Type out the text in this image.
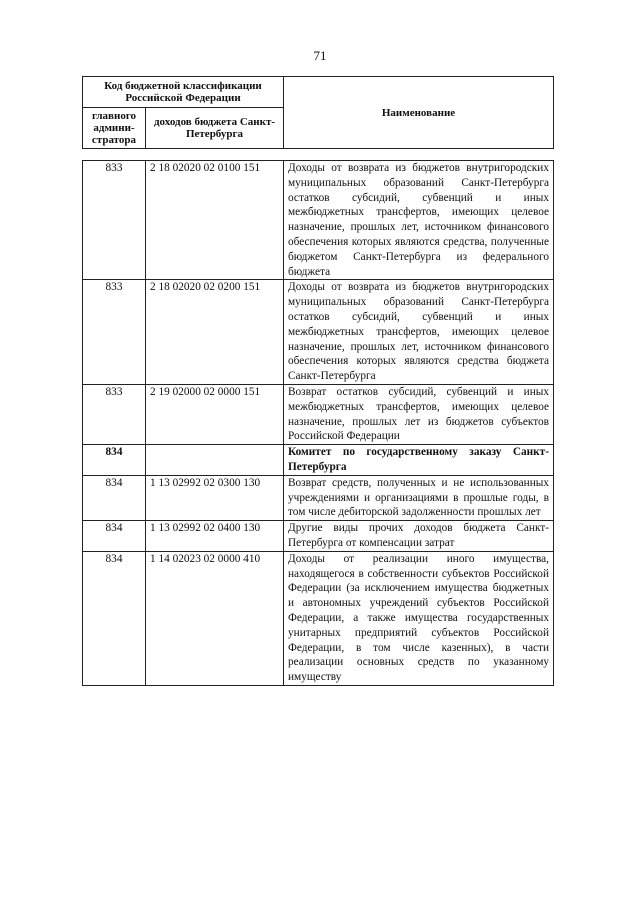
71
Код бюджетной классификации Российской Федерации		Наименование
главного админи-стратора	доходов бюджета Санкт-Петербурга	
833	2 18 02020 02 0100 151	Доходы от возврата из бюджетов внутригородских муниципальных образований Санкт-Петербурга остатков субсидий, субвенций и иных межбюджетных трансфертов, имеющих целевое назначение, прошлых лет, источником финансового обеспечения которых являются средства, полученные бюджетом Санкт-Петербурга из федерального бюджета
833	2 18 02020 02 0200 151	Доходы от возврата из бюджетов внутригородских муниципальных образований Санкт-Петербурга остатков субсидий, субвенций и иных межбюджетных трансфертов, имеющих целевое назначение, прошлых лет, источником финансового обеспечения которых являются средства бюджета Санкт-Петербурга
833	2 19 02000 02 0000 151	Возврат остатков субсидий, субвенций и иных межбюджетных трансфертов, имеющих целевое назначение, прошлых лет из бюджетов субъектов Российской Федерации
834		Комитет по государственному заказу Санкт-Петербурга
834	1 13 02992 02 0300 130	Возврат средств, полученных и не использованных учреждениями и организациями в прошлые годы, в том числе дебиторской задолженности прошлых лет
834	1 13 02992 02 0400 130	Другие виды прочих доходов бюджета Санкт-Петербурга от компенсации затрат
834	1 14 02023 02 0000 410	Доходы от реализации иного имущества, находящегося в собственности субъектов Российской Федерации (за исключением имущества бюджетных и автономных учреждений субъектов Российской Федерации, а также имущества государственных унитарных предприятий субъектов Российской Федерации, в том числе казенных), в части реализации основных средств по указанному имуществу
